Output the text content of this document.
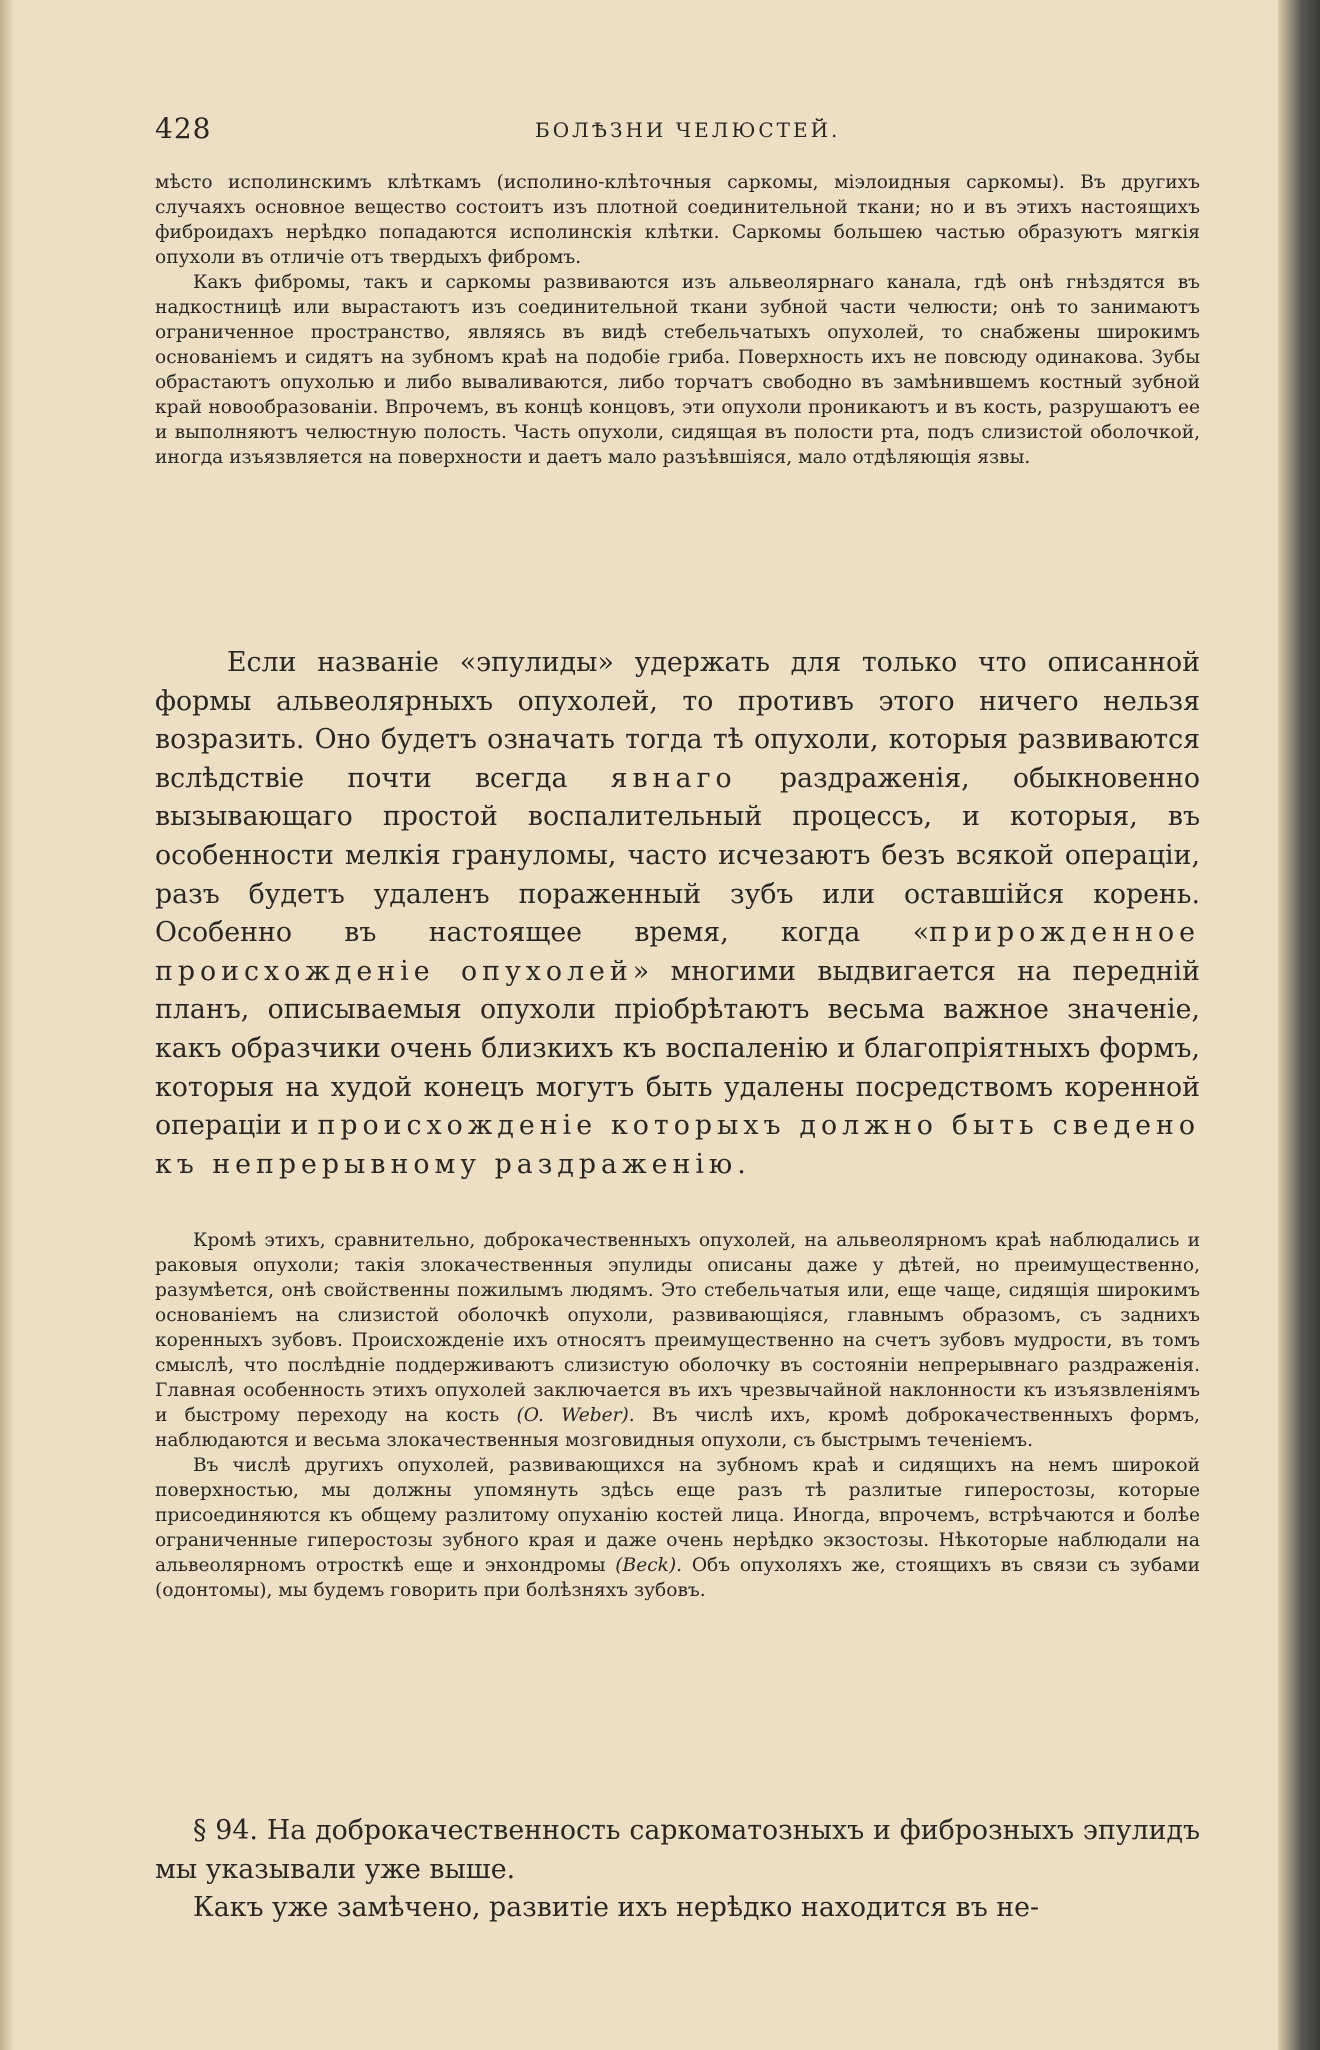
428	БОЛѢЗНИ ЧЕЛЮСТЕЙ.

мѣсто исполинскимъ клѣткамъ (исполино-клѣточныя саркомы, міэлоидныя саркомы). Въ другихъ случаяхъ основное вещество состоитъ изъ плотной соединительной ткани; но и въ этихъ настоящихъ фиброидахъ нерѣдко попадаются исполинскія клѣтки. Саркомы большею частью образуютъ мягкія опухоли въ отличіе отъ твердыхъ фибромъ.

Какъ фибромы, такъ и саркомы развиваются изъ альвеолярнаго канала, гдѣ онѣ гнѣздятся въ надкостницѣ или вырастаютъ изъ соединительной ткани зубной части челюсти; онѣ то занимаютъ ограниченное пространство, являясь въ видѣ стебельчатыхъ опухолей, то снабжены широкимъ основаніемъ и сидятъ на зубномъ краѣ на подобіе гриба. Поверхность ихъ не повсюду одинакова. Зубы обрастаютъ опухолью и либо вываливаются, либо торчатъ свободно въ замѣнившемъ костный зубной край новообразованіи. Впрочемъ, въ концѣ концовъ, эти опухоли проникаютъ и въ кость, разрушаютъ ее и выполняютъ челюстную полость. Часть опухоли, сидящая въ полости рта, подъ слизистой оболочкой, иногда изъязвляется на поверхности и даетъ мало разъѣвшіяся, мало отдѣляющія язвы.

Если названіе «эпулиды» удержать для только что описанной формы альвеолярныхъ опухолей, то противъ этого ничего нельзя возразить. Оно будетъ означать тогда тѣ опухоли, которыя развиваются вслѣдствіе почти всегда явнаго раздраженія, обыкновенно вызывающаго простой воспалительный процессъ, и которыя, въ особенности мелкія грануломы, часто исчезаютъ безъ всякой операціи, разъ будетъ удаленъ пораженный зубъ или оставшійся корень. Особенно въ настоящее время, когда «прирожденное происхожденіе опухолей» многими выдвигается на передній планъ, описываемыя опухоли пріобрѣтаютъ весьма важное значеніе, какъ образчики очень близкихъ къ воспаленію и благопріятныхъ формъ, которыя на худой конецъ могутъ быть удалены посредствомъ коренной операціи и происхожденіе которыхъ должно быть сведено къ непрерывному раздраженію.

Кромѣ этихъ, сравнительно, доброкачественныхъ опухолей, на альвеолярномъ краѣ наблюдались и раковыя опухоли; такія злокачественныя эпулиды описаны даже у дѣтей, но преимущественно, разумѣется, онѣ свойственны пожилымъ людямъ. Это стебельчатыя или, еще чаще, сидящія широкимъ основаніемъ на слизистой оболочкѣ опухоли, развивающіяся, главнымъ образомъ, съ заднихъ коренныхъ зубовъ. Происхожденіе ихъ относятъ преимущественно на счетъ зубовъ мудрости, въ томъ смыслѣ, что послѣдніе поддерживаютъ слизистую оболочку въ состояніи непрерывнаго раздраженія. Главная особенность этихъ опухолей заключается въ ихъ чрезвычайной наклонности къ изъязвленіямъ и быстрому переходу на кость (O. Weber). Въ числѣ ихъ, кромѣ доброкачественныхъ формъ, наблюдаются и весьма злокачественныя мозговидныя опухоли, съ быстрымъ теченіемъ.

Въ числѣ другихъ опухолей, развивающихся на зубномъ краѣ и сидящихъ на немъ широкой поверхностью, мы должны упомянуть здѣсь еще разъ тѣ разлитые гиперостозы, которые присоединяются къ общему разлитому опуханію костей лица. Иногда, впрочемъ, встрѣчаются и болѣе ограниченные гиперостозы зубного края и даже очень нерѣдко экзостозы. Нѣкоторые наблюдали на альвеолярномъ отросткѣ еще и энхондромы (Beck). Объ опухоляхъ же, стоящихъ въ связи съ зубами (одонтомы), мы будемъ говорить при болѣзняхъ зубовъ.

§ 94. На доброкачественность саркоматозныхъ и фиброзныхъ эпулидъ мы указывали уже выше.

Какъ уже замѣчено, развитіе ихъ нерѣдко находится въ не-
